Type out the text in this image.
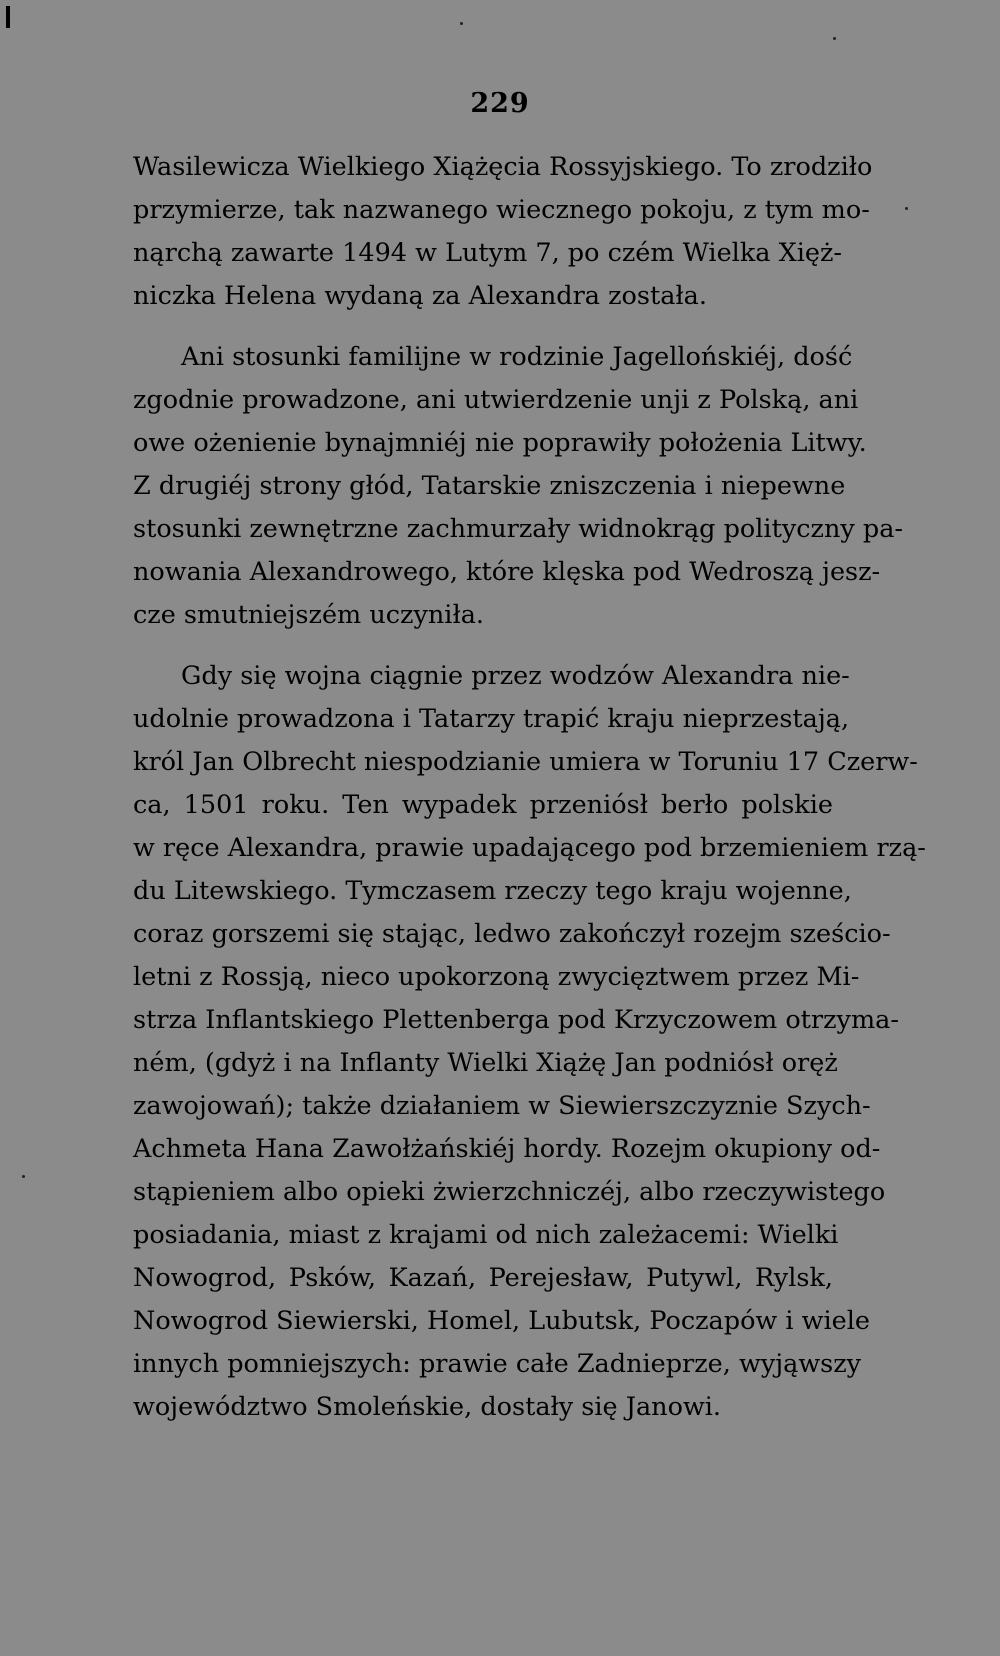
229
Wasilewicza Wielkiego Xiążęcia Rossyjskiego. To zrodziło
przymierze, tak nazwanego wiecznego pokoju, z tym mo-
nąrchą zawarte 1494 w Lutym 7, po czém Wielka Xięż-
niczka Helena wydaną za Alexandra została.
Ani stosunki familijne w rodzinie Jagellońskiéj, dość
zgodnie prowadzone, ani utwierdzenie unji z Polską, ani
owe ożenienie bynajmniéj nie poprawiły położenia Litwy.
Z drugiéj strony głód, Tatarskie zniszczenia i niepewne
stosunki zewnętrzne zachmurzały widnokrąg polityczny pa-
nowania Alexandrowego, które klęska pod Wedroszą jesz-
cze smutniejszém uczyniła.
Gdy się wojna ciągnie przez wodzów Alexandra nie-
udolnie prowadzona i Tatarzy trapić kraju nieprzestają,
król Jan Olbrecht niespodzianie umiera w Toruniu 17 Czerw-
ca, 1501 roku. Ten wypadek przeniósł berło polskie
w ręce Alexandra, prawie upadającego pod brzemieniem rzą-
du Litewskiego. Tymczasem rzeczy tego kraju wojenne,
coraz gorszemi się stając, ledwo zakończył rozejm sześcio-
letni z Rossją, nieco upokorzoną zwycięztwem przez Mi-
strza Inflantskiego Plettenberga pod Krzyczowem otrzyma-
ném, (gdyż i na Inflanty Wielki Xiążę Jan podniósł oręż
zawojowań); także działaniem w Siewierszczyznie Szych-
Achmeta Hana Zawołżańskiéj hordy. Rozejm okupiony od-
stąpieniem albo opieki żwierzchniczéj, albo rzeczywistego
posiadania, miast z krajami od nich zależacemi: Wielki
Nowogrod, Psków, Kazań, Perejesław, Putywl, Rylsk,
Nowogrod Siewierski, Homel, Lubutsk, Poczapów i wiele
innych pomniejszych: prawie całe Zadnieprze, wyjąwszy
województwo Smoleńskie, dostały się Janowi.
